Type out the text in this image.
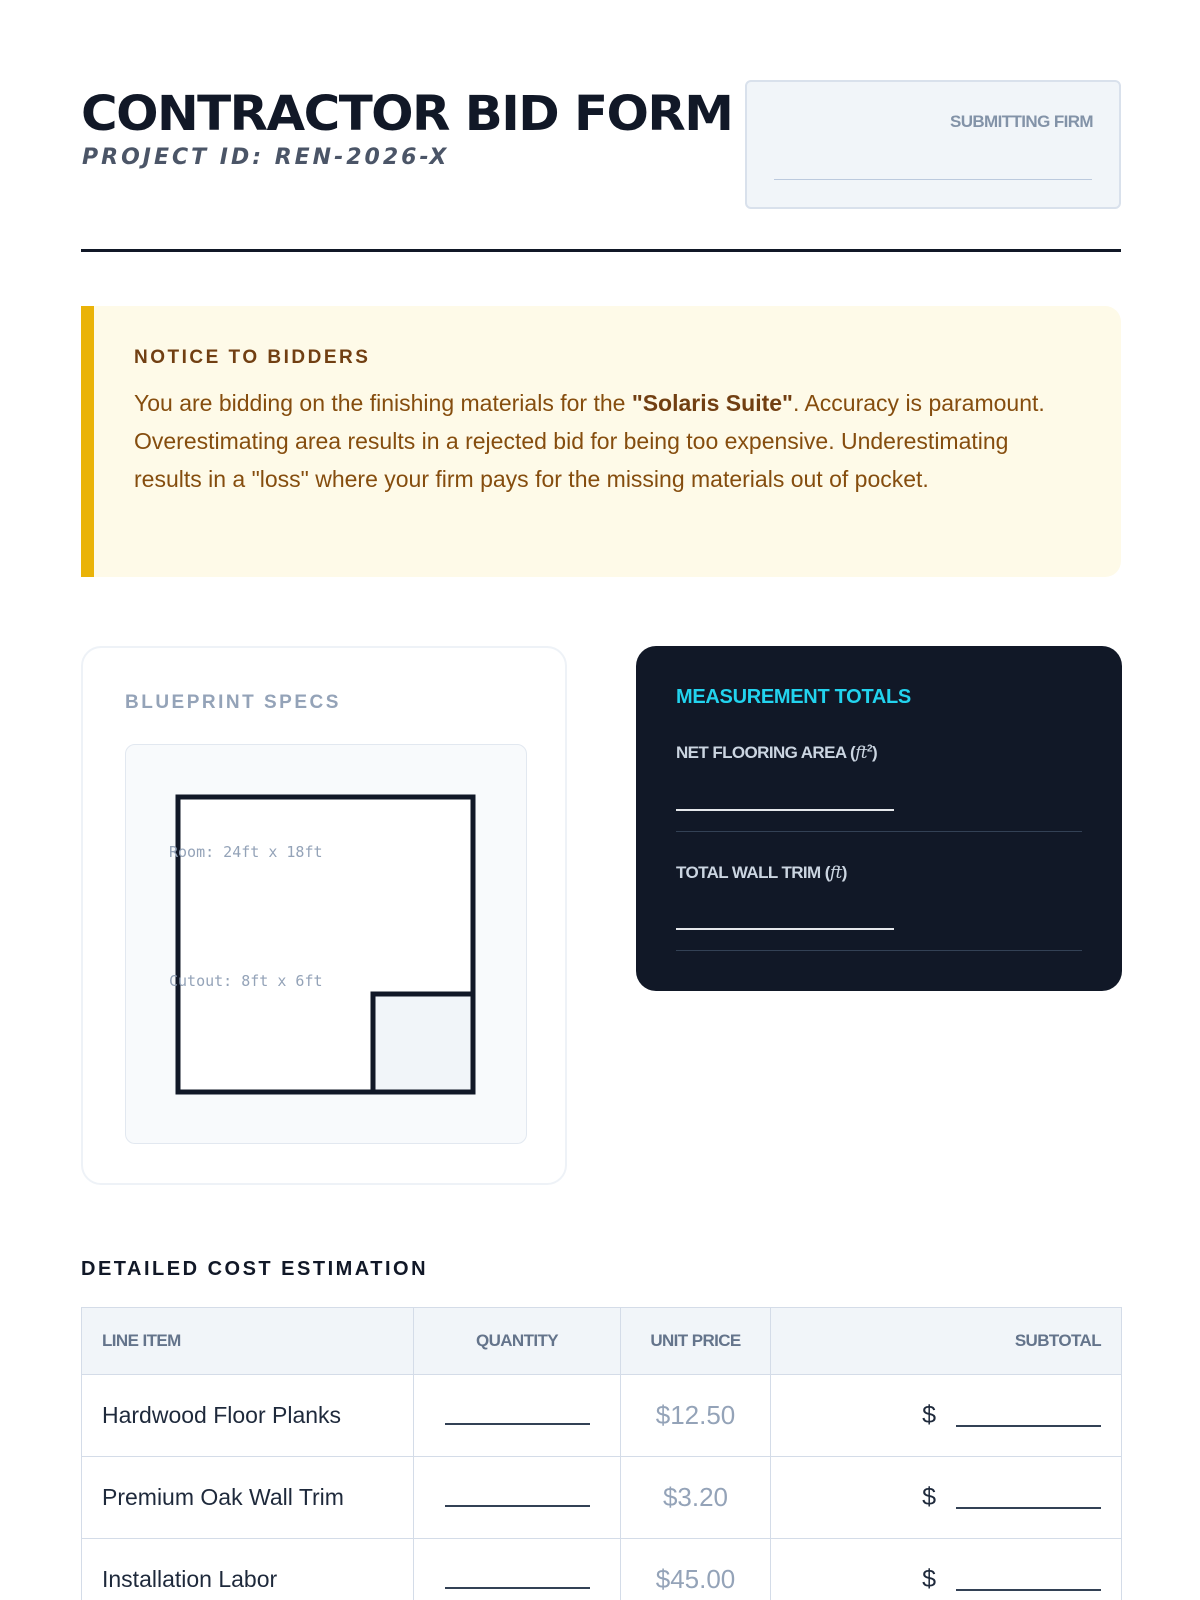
CONTRACTOR BID FORM
PROJECT ID: REN-2026-X
SUBMITTING FIRM
NOTICE TO BIDDERS
You are bidding on the finishing materials for the "Solaris Suite". Accuracy is paramount. Overestimating area results in a rejected bid for being too expensive. Underestimating results in a "loss" where your firm pays for the missing materials out of pocket.
BLUEPRINT SPECS
Room: 24ft x 18ft
Cutout: 8ft x 6ft
MEASUREMENT TOTALS
NET FLOORING AREA $(ft^2)$
TOTAL WALL TRIM (ft)
DETAILED COST ESTIMATION
LINE ITEM	QUANTITY	UNIT PRICE	SUBTOTAL
Hardwood Floor Planks		$12.50	$

Premium Oak Wall Trim		$3.20	$

Installation Labor		$45.00	$
